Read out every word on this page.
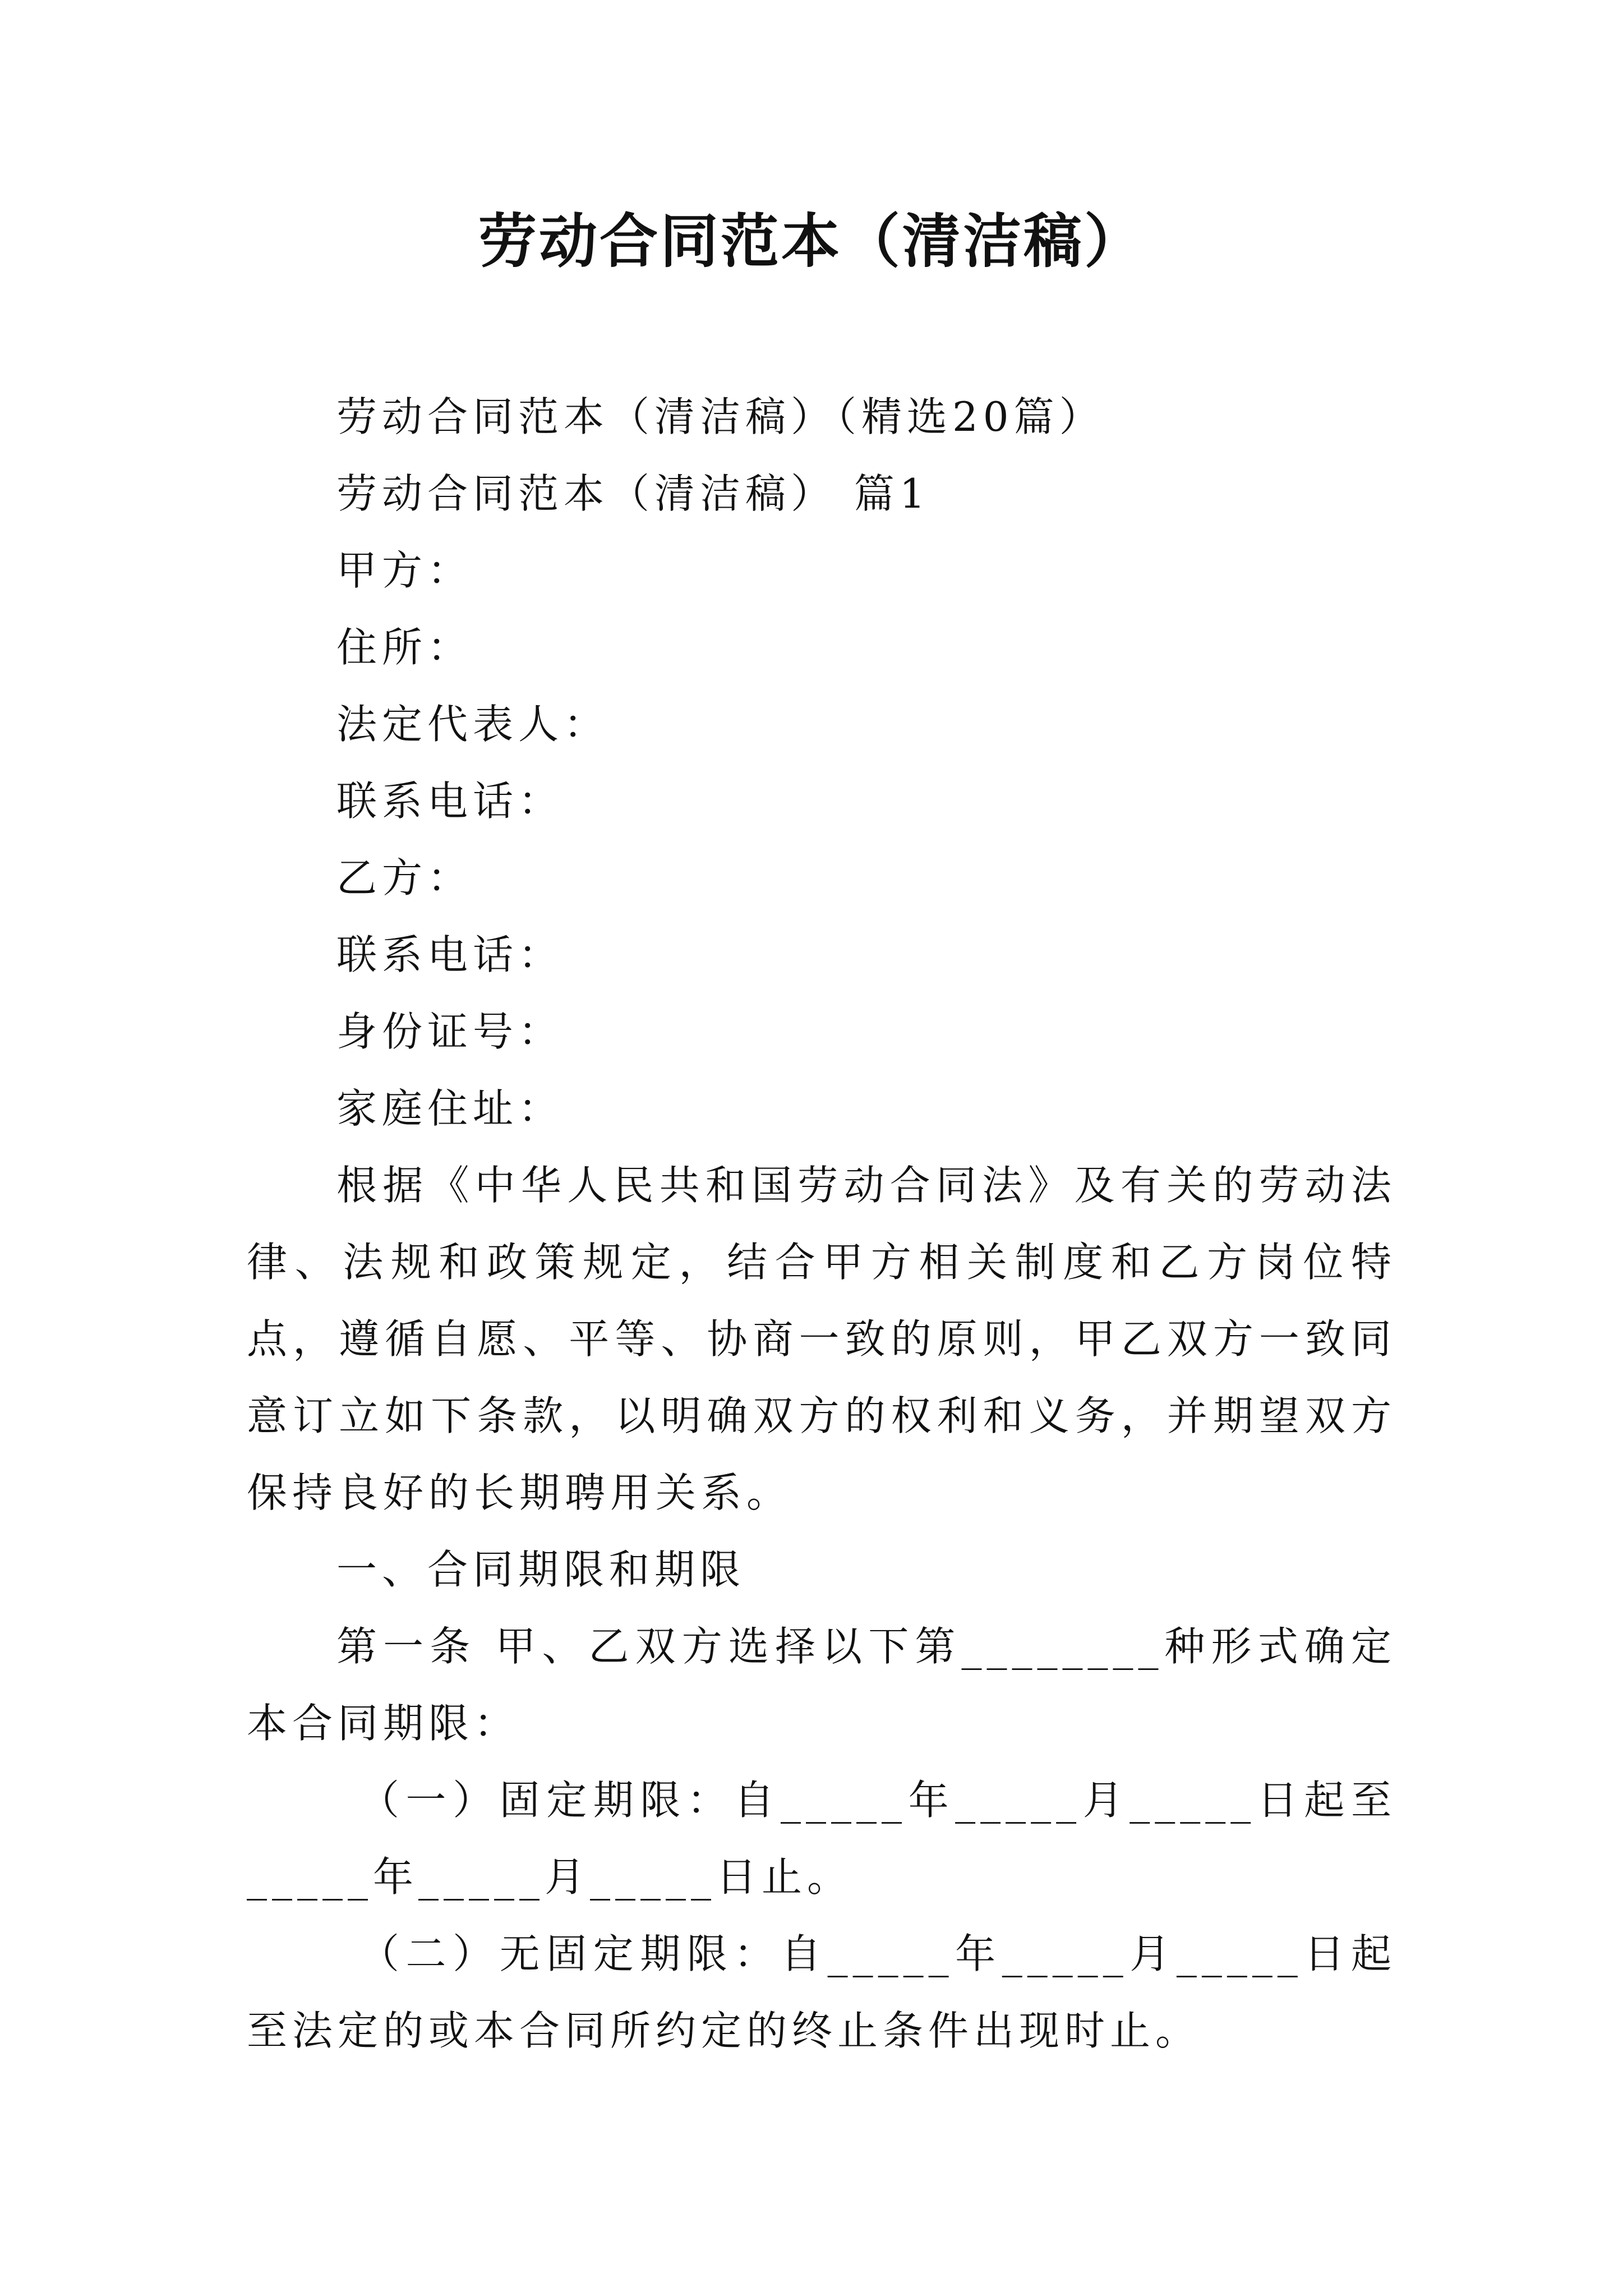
劳动合同范本（清洁稿）

劳动合同范本（清洁稿）（精选20篇）

劳动合同范本（清洁稿） 篇1

甲方：

住所：

法定代表人：

联系电话：

乙方：

联系电话：

身份证号：

家庭住址：

根据《中华人民共和国劳动合同法》及有关的劳动法律、法规和政策规定，结合甲方相关制度和乙方岗位特点，遵循自愿、平等、协商一致的原则，甲乙双方一致同意订立如下条款，以明确双方的权利和义务，并期望双方保持良好的长期聘用关系。

一、合同期限和期限

第一条 甲、乙双方选择以下第________种形式确定本合同期限：

（一）固定期限：自_____年_____月_____日起至_____年_____月_____日止。

（二）无固定期限：自_____年_____月_____日起至法定的或本合同所约定的终止条件出现时止。
